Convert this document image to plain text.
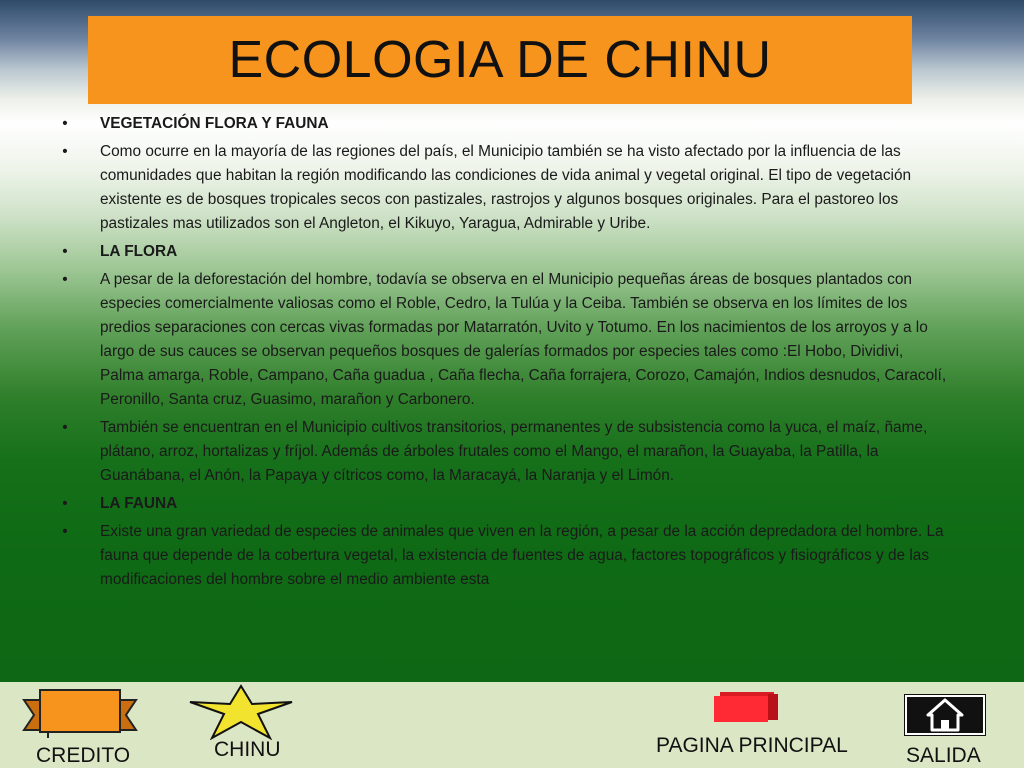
ECOLOGIA DE CHINU
• VEGETACIÓN FLORA Y FAUNA
• Como ocurre en la mayoría de las regiones del país, el Municipio también se ha visto afectado por la influencia de las comunidades que habitan la región modificando las condiciones de vida animal y vegetal original. El tipo de vegetación existente es de bosques tropicales secos con pastizales, rastrojos y algunos bosques originales. Para el pastoreo los pastizales mas utilizados son el Angleton, el Kikuyo, Yaragua, Admirable y Uribe.
• LA FLORA
• A pesar de la deforestación del hombre, todavía se observa en el Municipio pequeñas áreas de bosques plantados con especies comercialmente valiosas como el Roble, Cedro, la Tulúa y la Ceiba. También se observa en los límites de los predios separaciones con cercas vivas formadas por Matarratón, Uvito y Totumo. En los nacimientos de los arroyos y a lo largo de sus cauces se observan pequeños bosques de galerías formados por especies tales como :El Hobo, Dividivi, Palma amarga, Roble, Campano, Caña guadua , Caña flecha, Caña forrajera, Corozo, Camajón, Indios desnudos, Caracolí, Peronillo, Santa cruz, Guasimo, marañon y Carbonero.
• También se encuentran en el Municipio cultivos transitorios, permanentes y de subsistencia como la yuca, el maíz, ñame, plátano, arroz, hortalizas y fríjol. Además de árboles frutales como el Mango, el marañon, la Guayaba, la Patilla, la Guanábana, el Anón, la Papaya y cítricos como, la Maracayá, la Naranja y el Limón.
• LA FAUNA
• Existe una gran variedad de especies de animales que viven en la región, a pesar de la acción depredadora del hombre. La fauna que depende de la cobertura vegetal, la existencia de fuentes de agua, factores topográficos y fisiográficos y de las modificaciones del hombre sobre el medio ambiente esta
CREDITO	CHINU	PAGINA PRINCIPAL	SALIDA
